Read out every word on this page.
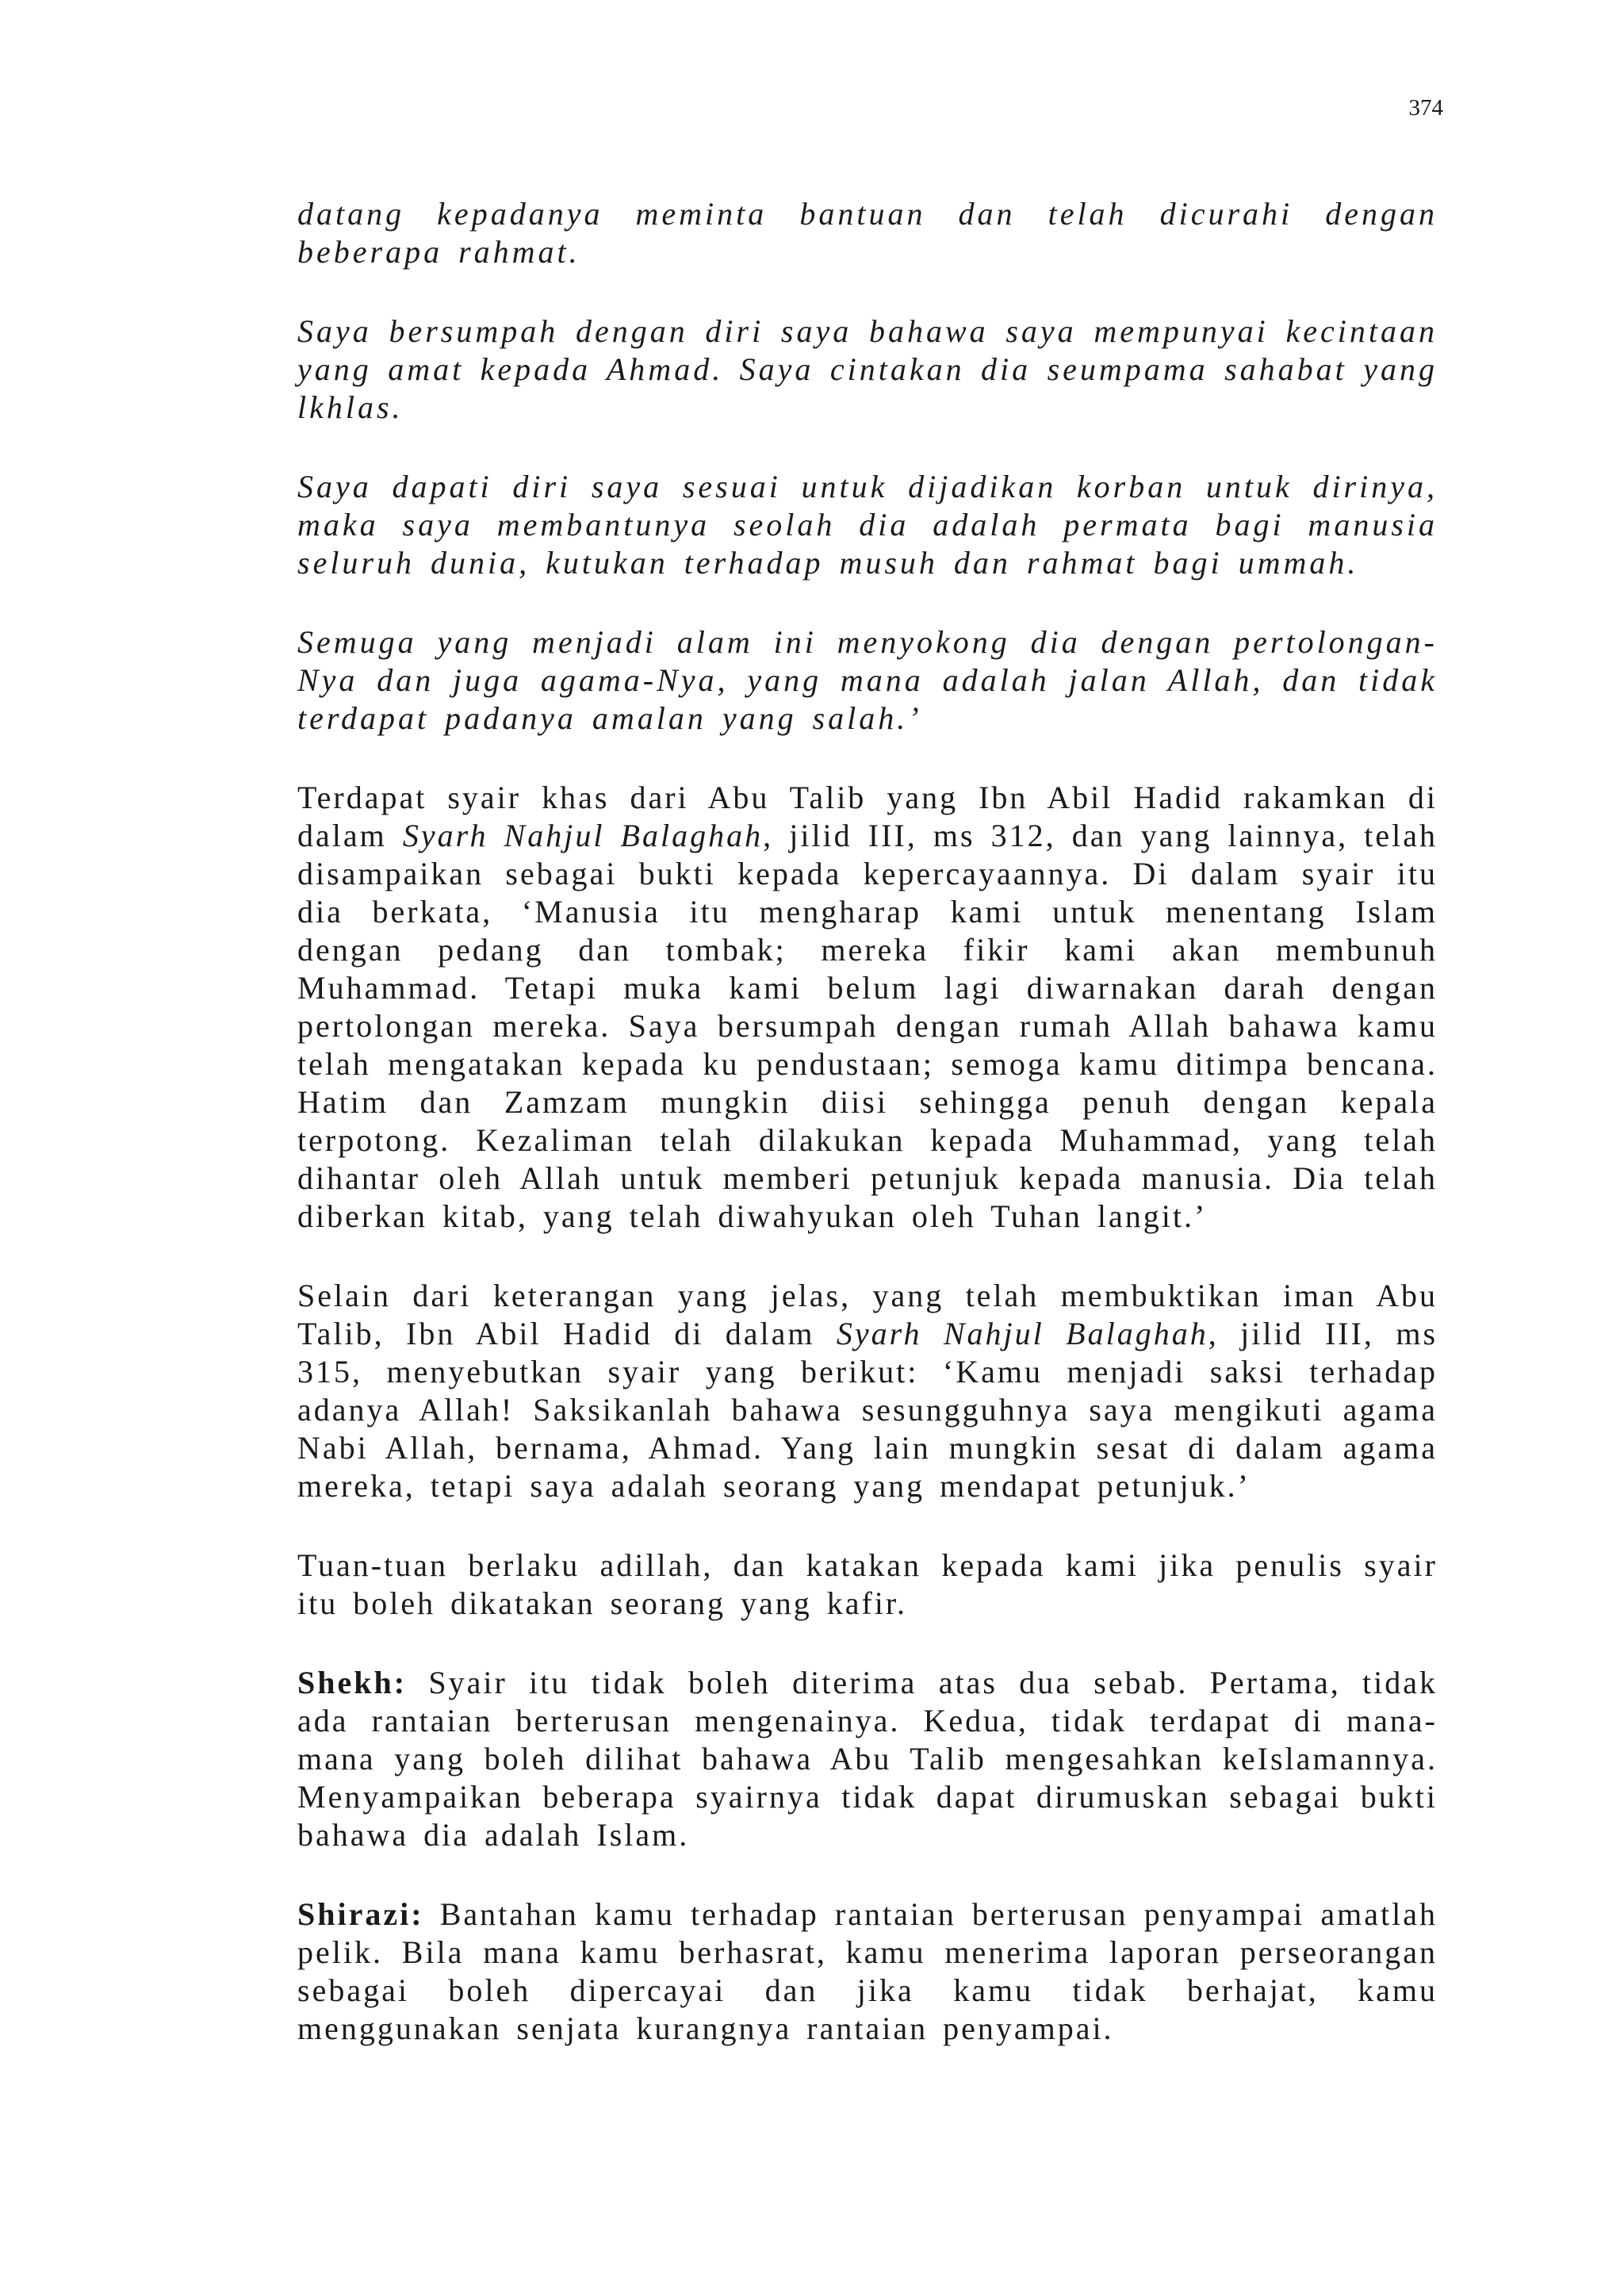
374

datang kepadanya meminta bantuan dan telah dicurahi dengan beberapa rahmat.

Saya bersumpah dengan diri saya bahawa saya mempunyai kecintaan yang amat kepada Ahmad. Saya cintakan dia seumpama sahabat yang lkhlas.

Saya dapati diri saya sesuai untuk dijadikan korban untuk dirinya, maka saya membantunya seolah dia adalah permata bagi manusia seluruh dunia, kutukan terhadap musuh dan rahmat bagi ummah.

Semuga yang menjadi alam ini menyokong dia dengan pertolongan-Nya dan juga agama-Nya, yang mana adalah jalan Allah, dan tidak terdapat padanya amalan yang salah.’

Terdapat syair khas dari Abu Talib yang Ibn Abil Hadid rakamkan di dalam Syarh Nahjul Balaghah, jilid III, ms 312, dan yang lainnya, telah disampaikan sebagai bukti kepada kepercayaannya. Di dalam syair itu dia berkata, ‘Manusia itu mengharap kami untuk menentang Islam dengan pedang dan tombak; mereka fikir kami akan membunuh Muhammad. Tetapi muka kami belum lagi diwarnakan darah dengan pertolongan mereka. Saya bersumpah dengan rumah Allah bahawa kamu telah mengatakan kepada ku pendustaan; semoga kamu ditimpa bencana. Hatim dan Zamzam mungkin diisi sehingga penuh dengan kepala terpotong. Kezaliman telah dilakukan kepada Muhammad, yang telah dihantar oleh Allah untuk memberi petunjuk kepada manusia. Dia telah diberkan kitab, yang telah diwahyukan oleh Tuhan langit.’

Selain dari keterangan yang jelas, yang telah membuktikan iman Abu Talib, Ibn Abil Hadid di dalam Syarh Nahjul Balaghah, jilid III, ms 315, menyebutkan syair yang berikut: ‘Kamu menjadi saksi terhadap adanya Allah! Saksikanlah bahawa sesungguhnya saya mengikuti agama Nabi Allah, bernama, Ahmad. Yang lain mungkin sesat di dalam agama mereka, tetapi saya adalah seorang yang mendapat petunjuk.’

Tuan-tuan berlaku adillah, dan katakan kepada kami jika penulis syair itu boleh dikatakan seorang yang kafir.

Shekh: Syair itu tidak boleh diterima atas dua sebab. Pertama, tidak ada rantaian berterusan mengenainya. Kedua, tidak terdapat di mana-mana yang boleh dilihat bahawa Abu Talib mengesahkan keIslamannya. Menyampaikan beberapa syairnya tidak dapat dirumuskan sebagai bukti bahawa dia adalah Islam.

Shirazi: Bantahan kamu terhadap rantaian berterusan penyampai amatlah pelik. Bila mana kamu berhasrat, kamu menerima laporan perseorangan sebagai boleh dipercayai dan jika kamu tidak berhajat, kamu menggunakan senjata kurangnya rantaian penyampai.
